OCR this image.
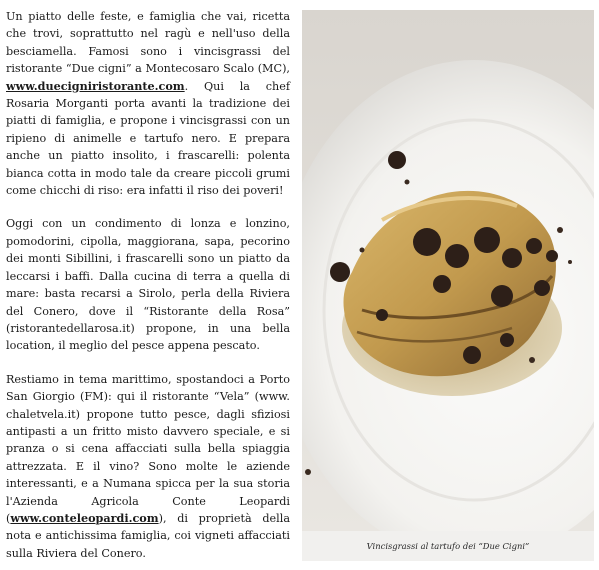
Un piatto delle feste, e famiglia che vai, ricetta che trovi, soprattutto nel ragù e nell'uso della besciamella. Famosi sono i vincisgrassi del ristorante “Due cigni” a Montecosaro Scalo (MC), www.duecigniristorante.com. Qui la chef Rosaria Morganti porta avanti la tradizione dei piatti di famiglia, e propone i vincisgrassi con un ripieno di animelle e tartufo nero. E prepara anche un piatto insolito, i frascarelli: polenta bianca cotta in modo tale da creare piccoli grumi come chicchi di riso: era infatti il riso dei poveri!

Oggi con un condimento di lonza e lonzino, pomodorini, cipolla, maggiorana, sapa, pecorino dei monti Sibillini, i frascarelli sono un piatto da leccarsi i baffi. Dalla cucina di terra a quella di mare: basta recarsi a Sirolo, perla della Riviera del Conero, dove il “Ristorante della Rosa” (ristorantedellarosa.it) propone, in una bella location, il meglio del pesce appena pescato.

Restiamo in tema marittimo, spostandoci a Porto San Giorgio (FM): qui il ristorante “Vela” (www. chaletvela.it) propone tutto pesce, dagli sfiziosi antipasti a un fritto misto davvero speciale, e si pranza o si cena affacciati sulla bella spiaggia attrezzata. E il vino? Sono molte le aziende interessanti, e a Numana spicca per la sua storia l'Azienda Agricola Conte Leopardi (www.conteleopardi.com), di proprietà della nota e antichissima famiglia, coi vigneti affacciati sulla Riviera del Conero.

Vincisgrassi al tartufo dei “Due Cigni”
